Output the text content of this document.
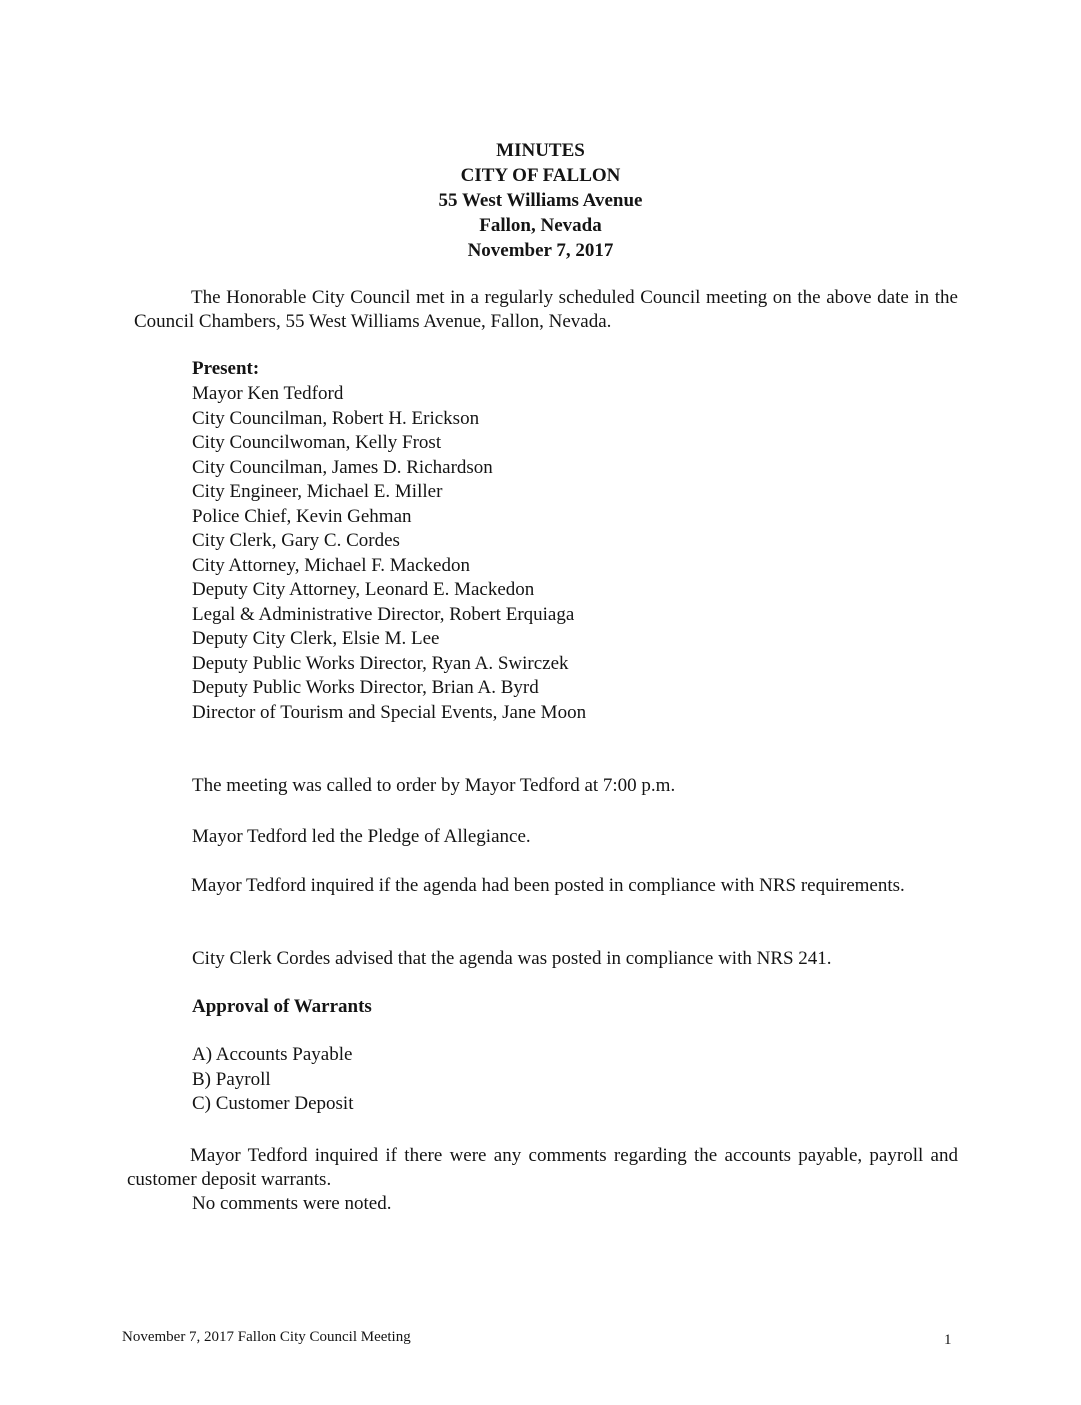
MINUTES
CITY OF FALLON
55 West Williams Avenue
Fallon, Nevada
November 7, 2017
The Honorable City Council met in a regularly scheduled Council meeting on the above date in the Council Chambers, 55 West Williams Avenue, Fallon, Nevada.
Present:
Mayor Ken Tedford
City Councilman, Robert H. Erickson
City Councilwoman, Kelly Frost
City Councilman, James D. Richardson
City Engineer, Michael E. Miller
Police Chief, Kevin Gehman
City Clerk, Gary C. Cordes
City Attorney, Michael F. Mackedon
Deputy City Attorney, Leonard E. Mackedon
Legal & Administrative Director, Robert Erquiaga
Deputy City Clerk, Elsie M. Lee
Deputy Public Works Director, Ryan A. Swirczek
Deputy Public Works Director, Brian A. Byrd
Director of Tourism and Special Events, Jane Moon
The meeting was called to order by Mayor Tedford at 7:00 p.m.
Mayor Tedford led the Pledge of Allegiance.
Mayor Tedford inquired if the agenda had been posted in compliance with NRS requirements.
City Clerk Cordes advised that the agenda was posted in compliance with NRS 241.
Approval of Warrants
A) Accounts Payable
B) Payroll
C) Customer Deposit
Mayor Tedford inquired if there were any comments regarding the accounts payable, payroll and customer deposit warrants.
No comments were noted.
November 7, 2017 Fallon City Council Meeting	1
